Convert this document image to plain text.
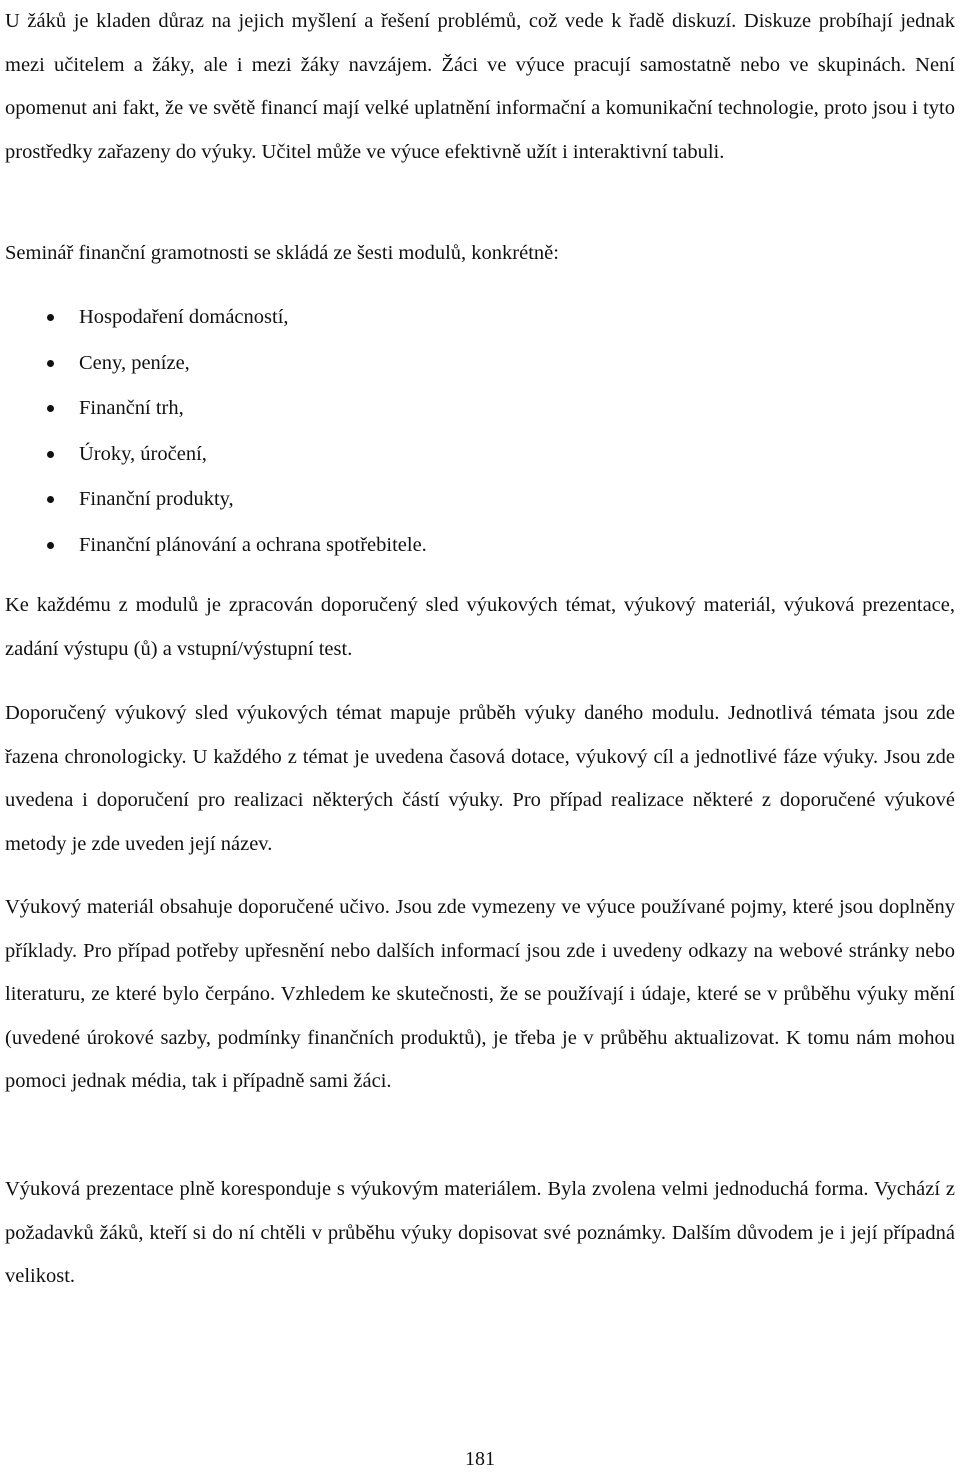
U žáků je kladen důraz na jejich myšlení a řešení problémů, což vede k řadě diskuzí. Diskuze probíhají jednak mezi učitelem a žáky, ale i mezi žáky navzájem. Žáci ve výuce pracují samostatně nebo ve skupinách. Není opomenut ani fakt, že ve světě financí mají velké uplatnění informační a komunikační technologie, proto jsou i tyto prostředky zařazeny do výuky. Učitel může ve výuce efektivně užít i interaktivní tabuli.

Seminář finanční gramotnosti se skládá ze šesti modulů, konkrétně:

Hospodaření domácností,
Ceny, peníze,
Finanční trh,
Úroky, úročení,
Finanční produkty,
Finanční plánování a ochrana spotřebitele.

Ke každému z modulů je zpracován doporučený sled výukových témat, výukový materiál, výuková prezentace, zadání výstupu (ů) a vstupní/výstupní test.

Doporučený výukový sled výukových témat mapuje průběh výuky daného modulu. Jednotlivá témata jsou zde řazena chronologicky. U každého z témat je uvedena časová dotace, výukový cíl a jednotlivé fáze výuky. Jsou zde uvedena i doporučení pro realizaci některých částí výuky. Pro případ realizace některé z doporučené výukové metody je zde uveden její název.

Výukový materiál obsahuje doporučené učivo. Jsou zde vymezeny ve výuce používané pojmy, které jsou doplněny příklady. Pro případ potřeby upřesnění nebo dalších informací jsou zde i uvedeny odkazy na webové stránky nebo literaturu, ze které bylo čerpáno. Vzhledem ke skutečnosti, že se používají i údaje, které se v průběhu výuky mění (uvedené úrokové sazby, podmínky finančních produktů), je třeba je v průběhu aktualizovat. K tomu nám mohou pomoci jednak média, tak i případně sami žáci.

Výuková prezentace plně koresponduje s výukovým materiálem. Byla zvolena velmi jednoduchá forma. Vychází z požadavků žáků, kteří si do ní chtěli v průběhu výuky dopisovat své poznámky. Dalším důvodem je i její případná velikost.

181
